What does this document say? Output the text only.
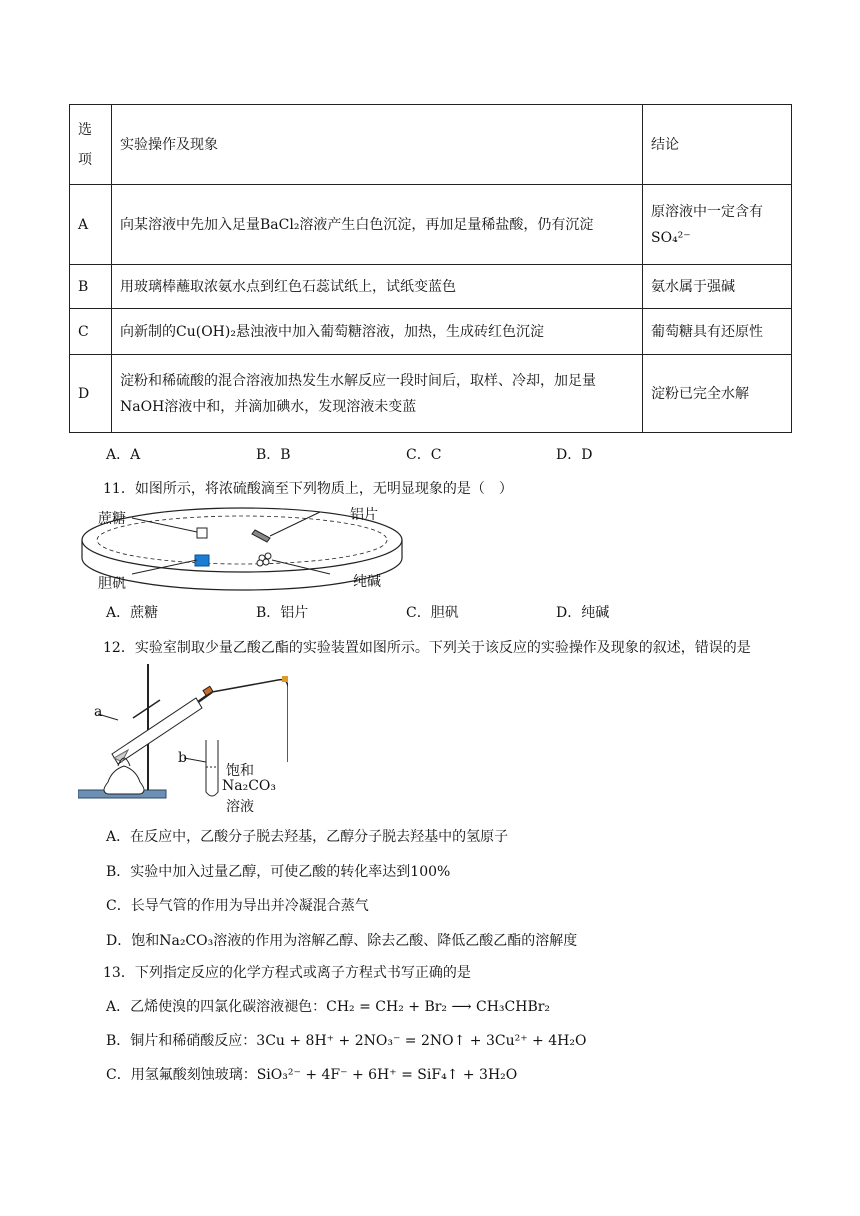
选
项	实验操作及现象	结论
A	向某溶液中先加入足量BaCl₂溶液产生白色沉淀，再加足量稀盐酸，仍有沉淀	原溶液中一定含有SO₄²⁻
B	用玻璃棒蘸取浓氨水点到红色石蕊试纸上，试纸变蓝色	氨水属于强碱
C	向新制的Cu(OH)₂悬浊液中加入葡萄糖溶液，加热，生成砖红色沉淀	葡萄糖具有还原性
D	淀粉和稀硫酸的混合溶液加热发生水解反应一段时间后，取样、冷却，加足量NaOH溶液中和，并滴加碘水，发现溶液未变蓝	淀粉已完全水解
A．A	B．B	C．C	D．D
11．如图所示，将浓硫酸滴至下列物质上，无明显现象的是（　）
蔗糖	铝片
胆矾	纯碱
A．蔗糖	B．铝片	C．胆矾	D．纯碱
12．实验室制取少量乙酸乙酯的实验装置如图所示。下列关于该反应的实验操作及现象的叙述，错误的是
a
b
饱和
Na₂CO₃
溶液
A．在反应中，乙酸分子脱去羟基，乙醇分子脱去羟基中的氢原子
B．实验中加入过量乙醇，可使乙酸的转化率达到100%
C．长导气管的作用为导出并冷凝混合蒸气
D．饱和Na₂CO₃溶液的作用为溶解乙醇、除去乙酸、降低乙酸乙酯的溶解度
13．下列指定反应的化学方程式或离子方程式书写正确的是
A．乙烯使溴的四氯化碳溶液褪色：CH₂ = CH₂ + Br₂ ⟶ CH₃CHBr₂
B．铜片和稀硝酸反应：3Cu + 8H⁺ + 2NO₃⁻ = 2NO↑ + 3Cu²⁺ + 4H₂O
C．用氢氟酸刻蚀玻璃：SiO₃²⁻ + 4F⁻ + 6H⁺ = SiF₄↑ + 3H₂O
